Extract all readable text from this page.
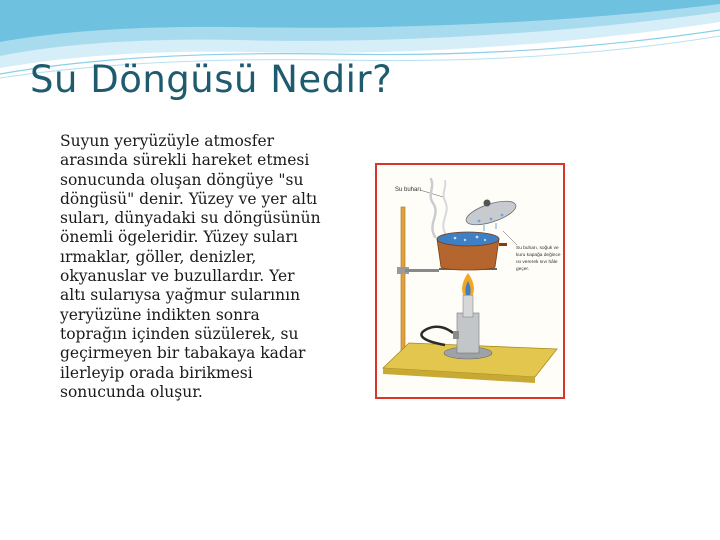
Su Döngüsü Nedir?

Suyun yeryüzüyle atmosfer arasında sürekli hareket etmesi sonucunda oluşan döngüye "su döngüsü" denir. Yüzey ve yer altı suları, dünyadaki su döngüsünün önemli ögeleridir. Yüzey suları ırmaklar, göller, denizler, okyanuslar ve buzullardır. Yer altı sularıysa yağmur sularının yeryüzüne indikten sonra toprağın içinden süzülerek, su geçirmeyen bir tabakaya kadar ilerleyip orada birikmesi sonucunda oluşur.

Su buharı
Su buharı, soğuk ve kuru kapağa değince ısı vererek sıvı hâle geçer.
